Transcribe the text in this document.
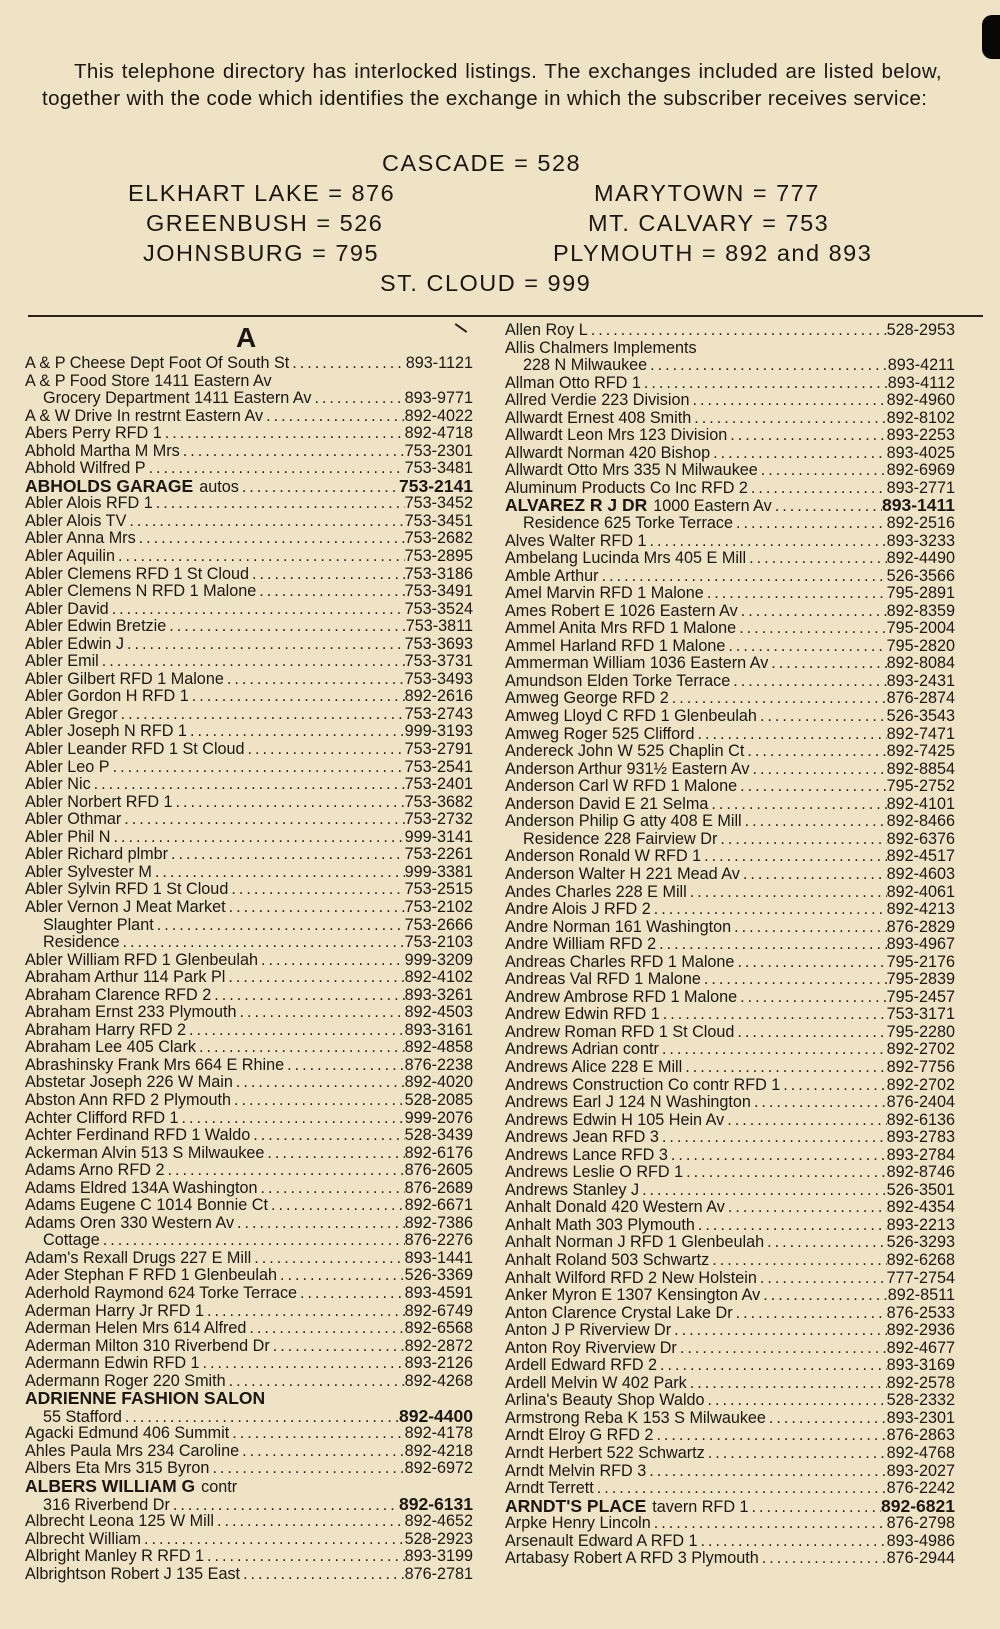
This telephone directory has interlocked listings. The exchanges included are listed below, together with the code which identifies the exchange in which the subscriber receives service:

CASCADE = 528
ELKHART LAKE = 876	MARYTOWN = 777
GREENBUSH = 526	MT. CALVARY = 753
JOHNSBURG = 795	PLYMOUTH = 892 and 893
ST. CLOUD = 999
A
A & P Cheese Dept Foot Of South St .....	893-1121
A & P Food Store 1411 Eastern Av
Grocery Department 1411 Eastern Av .....	893-9771
A & W Drive In restrnt Eastern Av .....	892-4022
Abers Perry RFD 1 .....	892-4718
Abhold Martha M Mrs .....	753-2301
Abhold Wilfred P .....	753-3481
ABHOLDS GARAGE autos .....	753-2141
Abler Alois RFD 1 .....	753-3452
Abler Alois TV .....	753-3451
Abler Anna Mrs .....	753-2682
Abler Aquilin .....	753-2895
Abler Clemens RFD 1 St Cloud .....	753-3186
Abler Clemens N RFD 1 Malone .....	753-3491
Abler David .....	753-3524
Abler Edwin Bretzie .....	753-3811
Abler Edwin J .....	753-3693
Abler Emil .....	753-3731
Abler Gilbert RFD 1 Malone .....	753-3493
Abler Gordon H RFD 1 .....	892-2616
Abler Gregor .....	753-2743
Abler Joseph N RFD 1 .....	999-3193
Abler Leander RFD 1 St Cloud .....	753-2791
Abler Leo P .....	753-2541
Abler Nic .....	753-2401
Abler Norbert RFD 1 .....	753-3682
Abler Othmar .....	753-2732
Abler Phil N .....	999-3141
Abler Richard plmbr .....	753-2261
Abler Sylvester M .....	999-3381
Abler Sylvin RFD 1 St Cloud .....	753-2515
Abler Vernon J Meat Market .....	753-2102
Slaughter Plant .....	753-2666
Residence .....	753-2103
Abler William RFD 1 Glenbeulah .....	999-3209
Abraham Arthur 114 Park Pl .....	892-4102
Abraham Clarence RFD 2 .....	893-3261
Abraham Ernst 233 Plymouth .....	892-4503
Abraham Harry RFD 2 .....	893-3161
Abraham Lee 405 Clark .....	892-4858
Abrashinsky Frank Mrs 664 E Rhine .....	876-2238
Abstetar Joseph 226 W Main .....	892-4020
Abston Ann RFD 2 Plymouth .....	528-2085
Achter Clifford RFD 1 .....	999-2076
Achter Ferdinand RFD 1 Waldo .....	528-3439
Ackerman Alvin 513 S Milwaukee .....	892-6176
Adams Arno RFD 2 .....	876-2605
Adams Eldred 134A Washington .....	876-2689
Adams Eugene C 1014 Bonnie Ct .....	892-6671
Adams Oren 330 Western Av .....	892-7386
Cottage .....	876-2276
Adam's Rexall Drugs 227 E Mill .....	893-1441
Ader Stephan F RFD 1 Glenbeulah .....	526-3369
Aderhold Raymond 624 Torke Terrace .....	893-4591
Aderman Harry Jr RFD 1 .....	892-6749
Aderman Helen Mrs 614 Alfred .....	892-6568
Aderman Milton 310 Riverbend Dr .....	892-2872
Adermann Edwin RFD 1 .....	893-2126
Adermann Roger 220 Smith .....	892-4268
ADRIENNE FASHION SALON
55 Stafford .....	892-4400
Agacki Edmund 406 Summit .....	892-4178
Ahles Paula Mrs 234 Caroline .....	892-4218
Albers Eta Mrs 315 Byron .....	892-6972
ALBERS WILLIAM G contr
316 Riverbend Dr .....	892-6131
Albrecht Leona 125 W Mill .....	892-4652
Albrecht William .....	528-2923
Albright Manley R RFD 1 .....	893-3199
Albrightson Robert J 135 East .....	876-2781
Allen Roy L .....	528-2953
Allis Chalmers Implements
228 N Milwaukee .....	893-4211
Allman Otto RFD 1 .....	893-4112
Allred Verdie 223 Division .....	892-4960
Allwardt Ernest 408 Smith .....	892-8102
Allwardt Leon Mrs 123 Division .....	893-2253
Allwardt Norman 420 Bishop .....	893-4025
Allwardt Otto Mrs 335 N Milwaukee .....	892-6969
Aluminum Products Co Inc RFD 2 .....	893-2771
ALVAREZ R J DR 1000 Eastern Av .....	893-1411
Residence 625 Torke Terrace .....	892-2516
Alves Walter RFD 1 .....	893-3233
Ambelang Lucinda Mrs 405 E Mill .....	892-4490
Amble Arthur .....	526-3566
Amel Marvin RFD 1 Malone .....	795-2891
Ames Robert E 1026 Eastern Av .....	892-8359
Ammel Anita Mrs RFD 1 Malone .....	795-2004
Ammel Harland RFD 1 Malone .....	795-2820
Ammerman William 1036 Eastern Av .....	892-8084
Amundson Elden Torke Terrace .....	893-2431
Amweg George RFD 2 .....	876-2874
Amweg Lloyd C RFD 1 Glenbeulah .....	526-3543
Amweg Roger 525 Clifford .....	892-7471
Andereck John W 525 Chaplin Ct .....	892-7425
Anderson Arthur 931½ Eastern Av .....	892-8854
Anderson Carl W RFD 1 Malone .....	795-2752
Anderson David E 21 Selma .....	892-4101
Anderson Philip G atty 408 E Mill .....	892-8466
Residence 228 Fairview Dr .....	892-6376
Anderson Ronald W RFD 1 .....	892-4517
Anderson Walter H 221 Mead Av .....	892-4603
Andes Charles 228 E Mill .....	892-4061
Andre Alois J RFD 2 .....	892-4213
Andre Norman 161 Washington .....	876-2829
Andre William RFD 2 .....	893-4967
Andreas Charles RFD 1 Malone .....	795-2176
Andreas Val RFD 1 Malone .....	795-2839
Andrew Ambrose RFD 1 Malone .....	795-2457
Andrew Edwin RFD 1 .....	753-3171
Andrew Roman RFD 1 St Cloud .....	795-2280
Andrews Adrian contr .....	892-2702
Andrews Alice 228 E Mill .....	892-7756
Andrews Construction Co contr RFD 1 .....	892-2702
Andrews Earl J 124 N Washington .....	876-2404
Andrews Edwin H 105 Hein Av .....	892-6136
Andrews Jean RFD 3 .....	893-2783
Andrews Lance RFD 3 .....	893-2784
Andrews Leslie O RFD 1 .....	892-8746
Andrews Stanley J .....	526-3501
Anhalt Donald 420 Western Av .....	892-4354
Anhalt Math 303 Plymouth .....	893-2213
Anhalt Norman J RFD 1 Glenbeulah .....	526-3293
Anhalt Roland 503 Schwartz .....	892-6268
Anhalt Wilford RFD 2 New Holstein .....	777-2754
Anker Myron E 1307 Kensington Av .....	892-8511
Anton Clarence Crystal Lake Dr .....	876-2533
Anton J P Riverview Dr .....	892-2936
Anton Roy Riverview Dr .....	892-4677
Ardell Edward RFD 2 .....	893-3169
Ardell Melvin W 402 Park .....	892-2578
Arlina's Beauty Shop Waldo .....	528-2332
Armstrong Reba K 153 S Milwaukee .....	893-2301
Arndt Elroy G RFD 2 .....	876-2863
Arndt Herbert 522 Schwartz .....	892-4768
Arndt Melvin RFD 3 .....	893-2027
Arndt Terrett .....	876-2242
ARNDT'S PLACE tavern RFD 1 .....	892-6821
Arpke Henry Lincoln .....	876-2798
Arsenault Edward A RFD 1 .....	893-4986
Artabasy Robert A RFD 3 Plymouth .....	876-2944
